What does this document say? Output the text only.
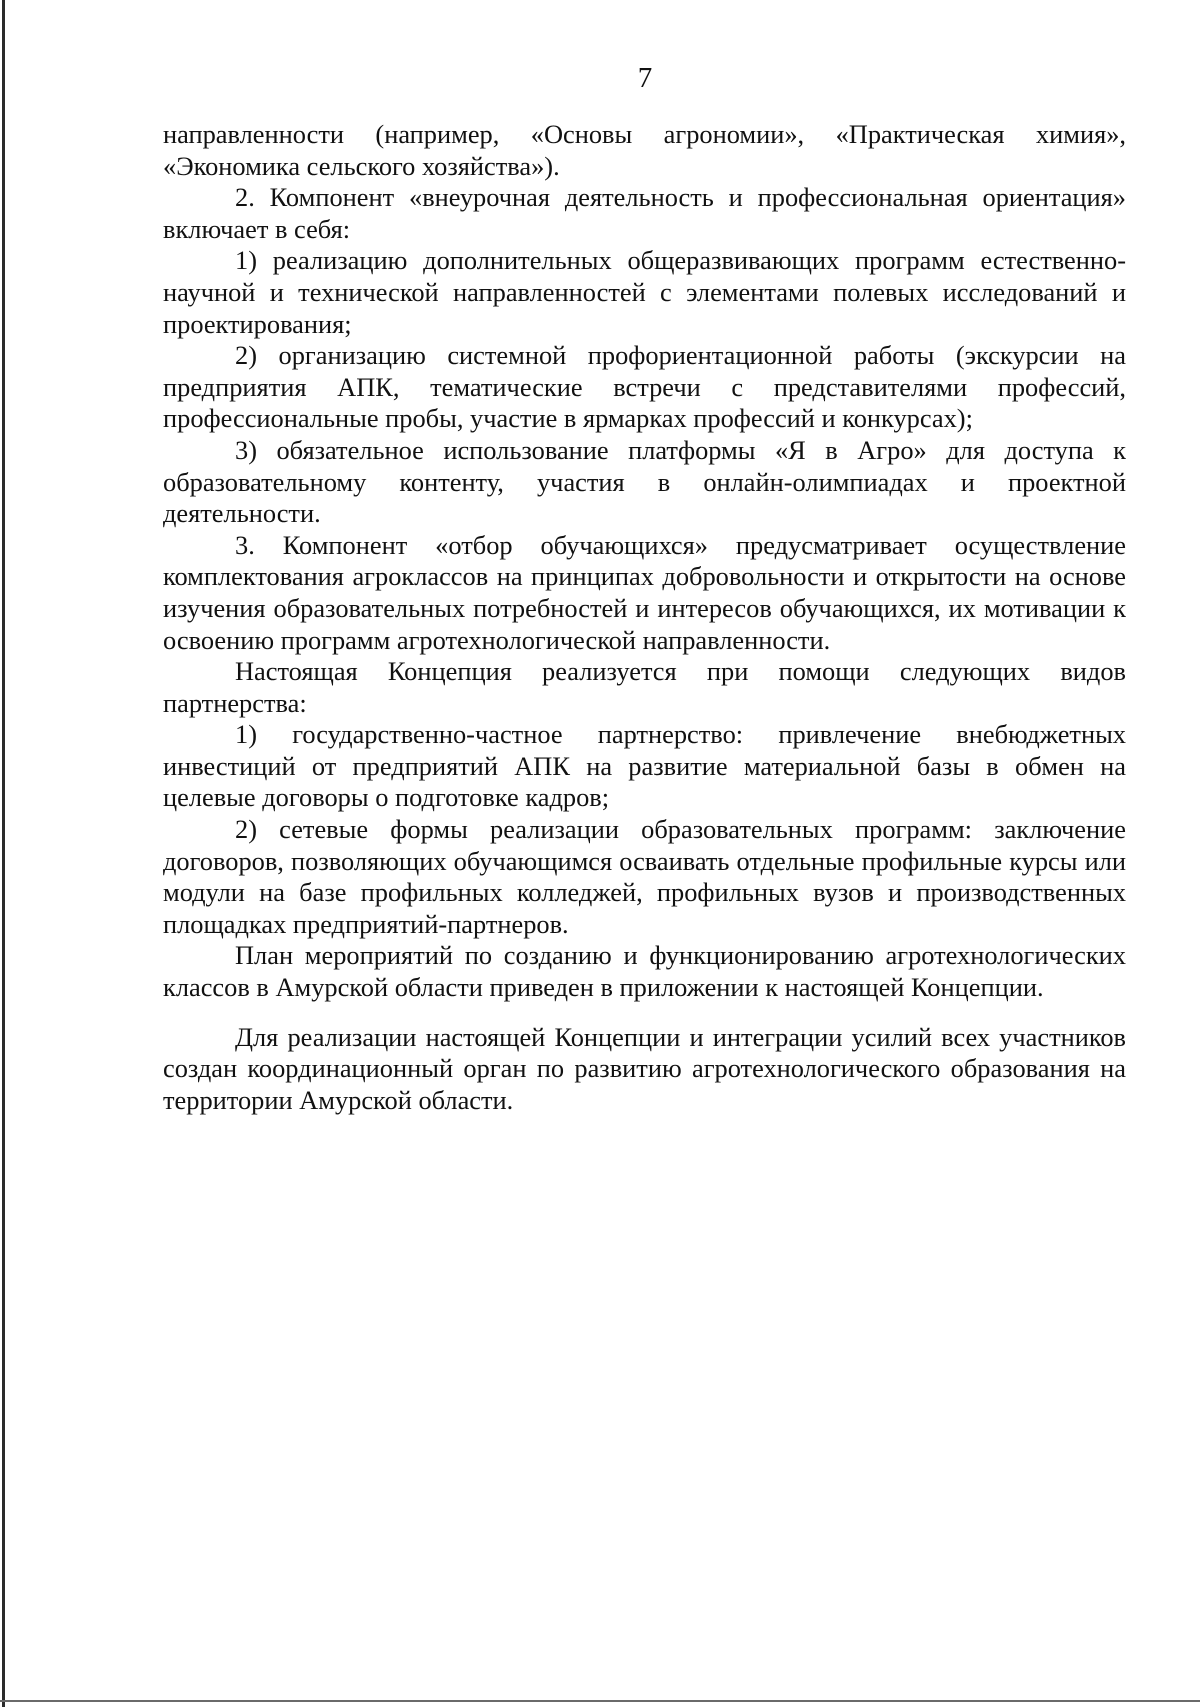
7

направленности (например, «Основы агрономии», «Практическая химия», «Экономика сельского хозяйства»).

2. Компонент «внеурочная деятельность и профессиональная ориентация» включает в себя:

1) реализацию дополнительных общеразвивающих программ естественно-научной и технической направленностей с элементами полевых исследований и проектирования;

2) организацию системной профориентационной работы (экскурсии на предприятия АПК, тематические встречи с представителями профессий, профессиональные пробы, участие в ярмарках профессий и конкурсах);

3) обязательное использование платформы «Я в Агро» для доступа к образовательному контенту, участия в онлайн-олимпиадах и проектной деятельности.

3. Компонент «отбор обучающихся» предусматривает осуществление комплектования агроклассов на принципах добровольности и открытости на основе изучения образовательных потребностей и интересов обучающихся, их мотивации к освоению программ агротехнологической направленности.

Настоящая Концепция реализуется при помощи следующих видов партнерства:

1) государственно-частное партнерство: привлечение внебюджетных инвестиций от предприятий АПК на развитие материальной базы в обмен на целевые договоры о подготовке кадров;

2) сетевые формы реализации образовательных программ: заключение договоров, позволяющих обучающимся осваивать отдельные профильные курсы или модули на базе профильных колледжей, профильных вузов и производственных площадках предприятий-партнеров.

План мероприятий по созданию и функционированию агротехнологических классов в Амурской области приведен в приложении к настоящей Концепции.

Для реализации настоящей Концепции и интеграции усилий всех участников создан координационный орган по развитию агротехнологического образования на территории Амурской области.
